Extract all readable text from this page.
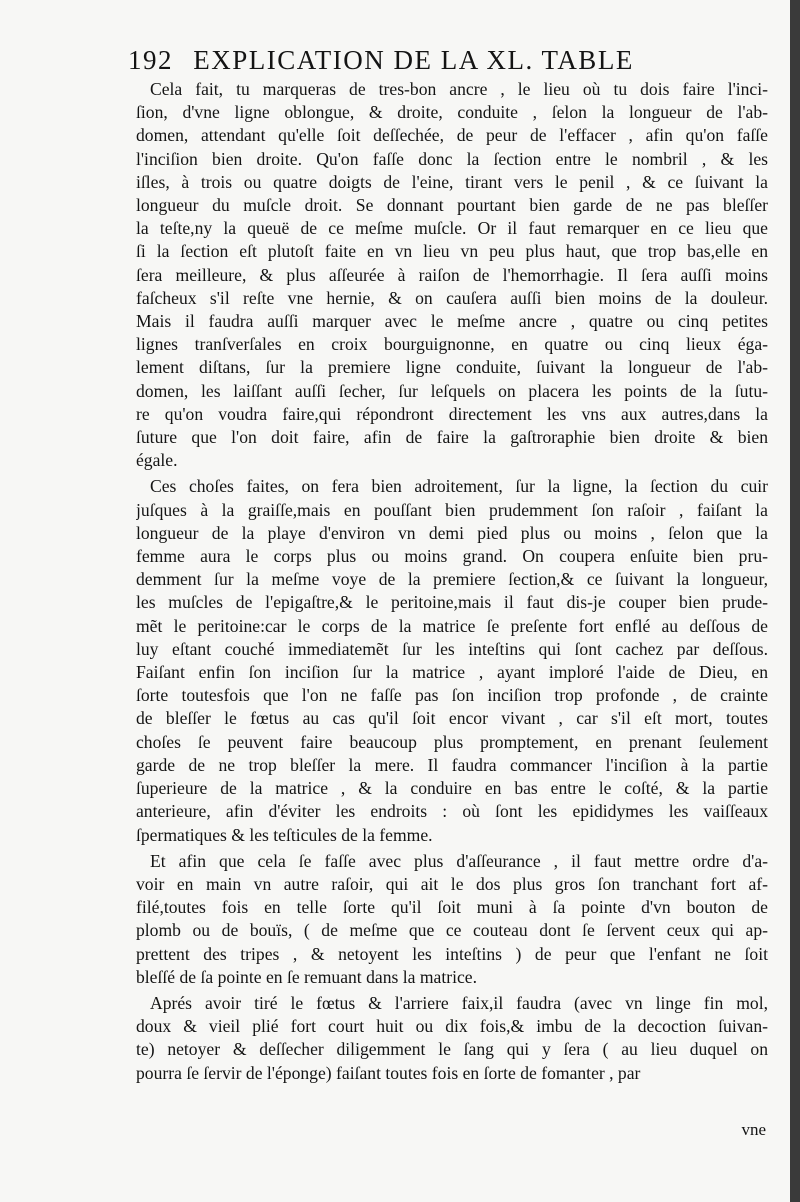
192 EXPLICATION DE LA XL. TABLE
Cela fait, tu marqueras de tres-bon ancre , le lieu où tu dois faire l'inci-
ſion, d'vne ligne oblongue, & droite, conduite , ſelon la longueur de l'ab-
domen, attendant qu'elle ſoit deſſechée, de peur de l'effacer , afin qu'on faſſe
l'inciſion bien droite. Qu'on faſſe donc la ſection entre le nombril , & les
iſles, à trois ou quatre doigts de l'eine, tirant vers le penil , & ce ſuivant la
longueur du muſcle droit. Se donnant pourtant bien garde de ne pas bleſſer
la teſte,ny la queuë de ce meſme muſcle. Or il faut remarquer en ce lieu que
ſi la ſection eſt plutoſt faite en vn lieu vn peu plus haut, que trop bas,elle en
ſera meilleure, & plus aſſeurée à raiſon de l'hemorrhagie. Il ſera auſſi moins
faſcheux s'il reſte vne hernie, & on cauſera auſſi bien moins de la douleur.
Mais il faudra auſſi marquer avec le meſme ancre , quatre ou cinq petites
lignes tranſverſales en croix bourguignonne, en quatre ou cinq lieux éga-
lement diſtans, ſur la premiere ligne conduite, ſuivant la longueur de l'ab-
domen, les laiſſant auſſi ſecher, ſur leſquels on placera les points de la ſutu-
re qu'on voudra faire,qui répondront directement les vns aux autres,dans la
ſuture que l'on doit faire, afin de faire la gaſtroraphie bien droite & bien
égale.
Ces choſes faites, on fera bien adroitement, ſur la ligne, la ſection du cuir
juſques à la graiſſe,mais en pouſſant bien prudemment ſon raſoir , faiſant la
longueur de la playe d'environ vn demi pied plus ou moins , ſelon que la
femme aura le corps plus ou moins grand. On coupera enſuite bien pru-
demment ſur la meſme voye de la premiere ſection,& ce ſuivant la longueur,
les muſcles de l'epigaſtre,& le peritoine,mais il faut dis-je couper bien prude-
mẽt le peritoine:car le corps de la matrice ſe preſente fort enflé au deſſous de
luy eſtant couché immediatemẽt ſur les inteſtins qui ſont cachez par deſſous.
Faiſant enfin ſon inciſion ſur la matrice , ayant imploré l'aide de Dieu, en
ſorte toutesfois que l'on ne faſſe pas ſon inciſion trop profonde , de crainte
de bleſſer le fœtus au cas qu'il ſoit encor vivant , car s'il eſt mort, toutes
choſes ſe peuvent faire beaucoup plus promptement, en prenant ſeulement
garde de ne trop bleſſer la mere. Il faudra commancer l'inciſion à la partie
ſuperieure de la matrice , & la conduire en bas entre le coſté, & la partie
anterieure, afin d'éviter les endroits : où ſont les epididymes les vaiſſeaux
ſpermatiques & les teſticules de la femme.
Et afin que cela ſe faſſe avec plus d'aſſeurance , il faut mettre ordre d'a-
voir en main vn autre raſoir, qui ait le dos plus gros ſon tranchant fort af-
filé,toutes fois en telle ſorte qu'il ſoit muni à ſa pointe d'vn bouton de
plomb ou de bouïs, ( de meſme que ce couteau dont ſe ſervent ceux qui ap-
prettent des tripes , & netoyent les inteſtins ) de peur que l'enfant ne ſoit
bleſſé de ſa pointe en ſe remuant dans la matrice.
Aprés avoir tiré le fœtus & l'arriere faix,il faudra (avec vn linge fin mol,
doux & vieil plié fort court huit ou dix fois,& imbu de la decoction ſuivan-
te) netoyer & deſſecher diligemment le ſang qui y ſera ( au lieu duquel on
pourra ſe ſervir de l'éponge) faiſant toutes fois en ſorte de fomanter , par
vne
